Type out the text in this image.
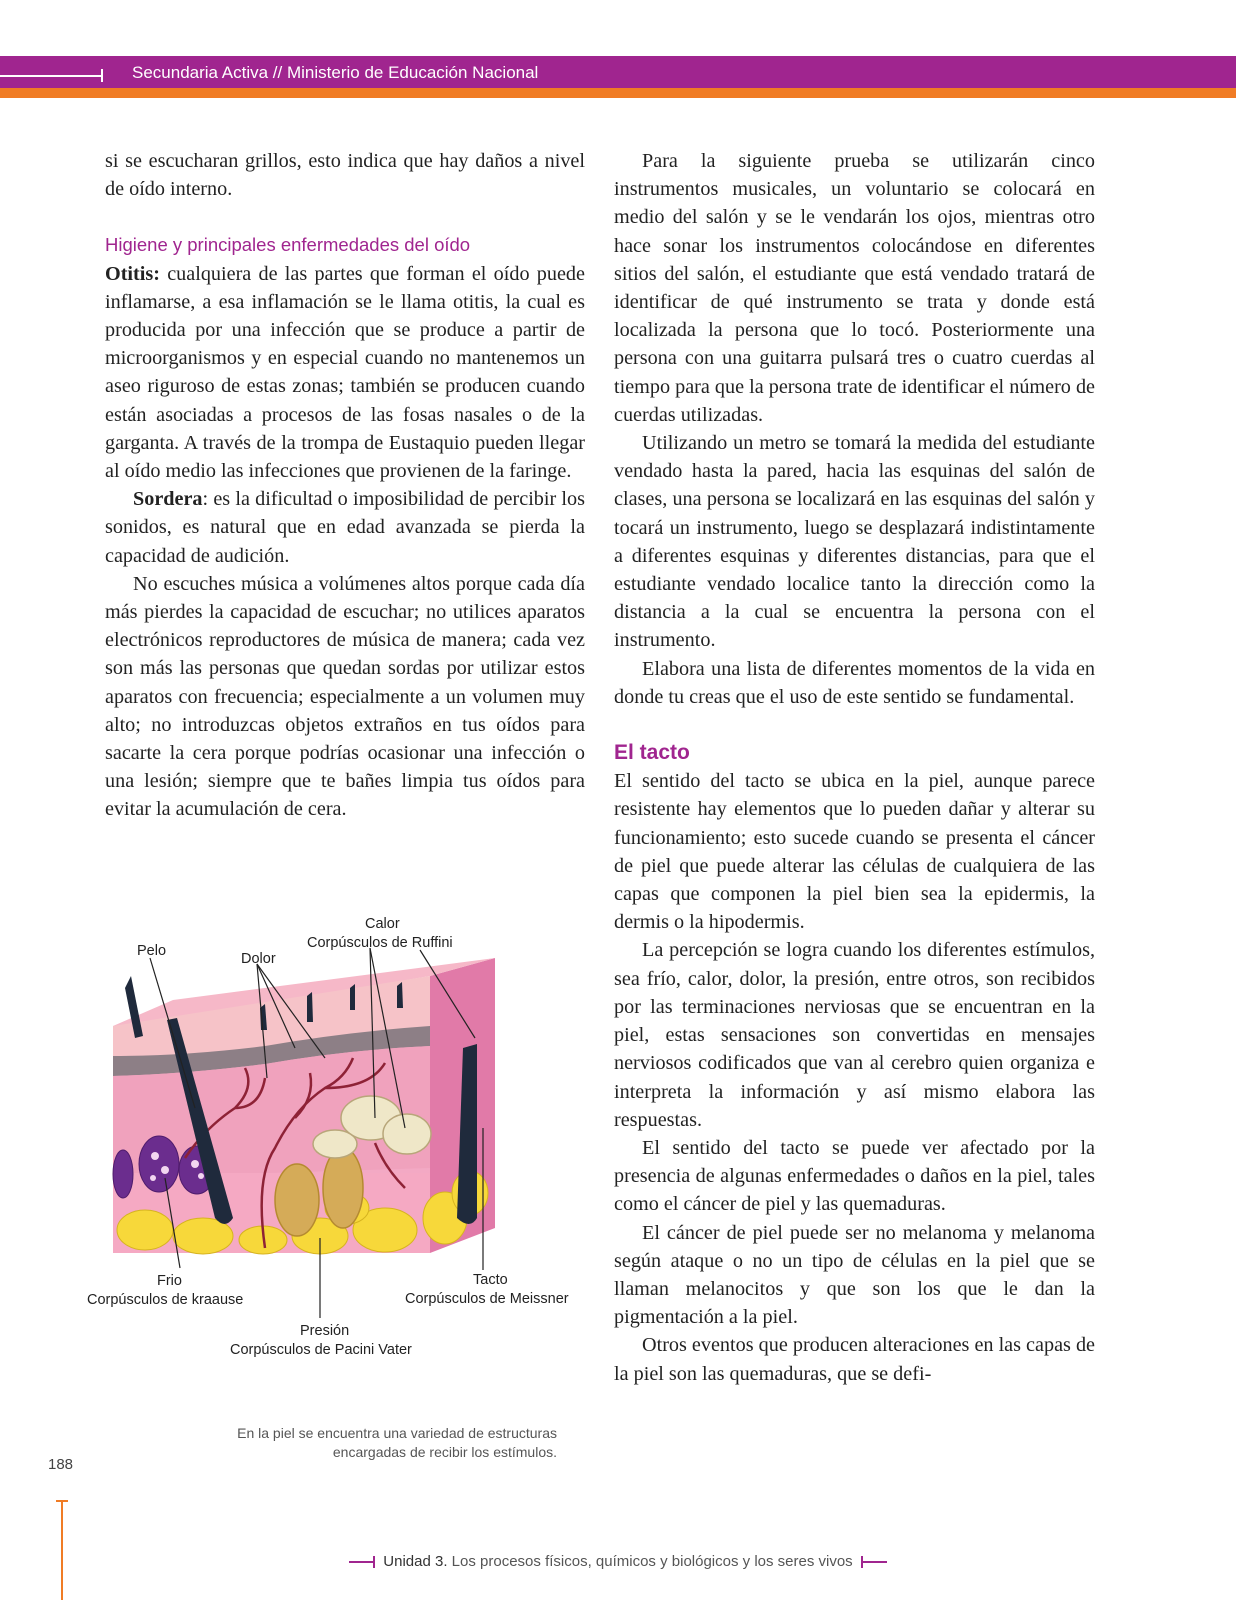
Secundaria Activa // Ministerio de Educación Nacional

si se escucharan grillos, esto indica que hay daños a nivel de oído interno.

Higiene y principales enfermedades del oído

Otitis: cualquiera de las partes que forman el oído puede inflamarse, a esa inflamación se le llama otitis, la cual es producida por una infección que se produce a partir de microorganismos y en especial cuando no mantenemos un aseo riguroso de estas zonas; también se producen cuando están asociadas a procesos de las fosas nasales o de la garganta. A través de la trompa de Eustaquio pueden llegar al oído medio las infecciones que provienen de la faringe.

Sordera: es la dificultad o imposibilidad de percibir los sonidos, es natural que en edad avanzada se pierda la capacidad de audición.

No escuches música a volúmenes altos porque cada día más pierdes la capacidad de escuchar; no utilices aparatos electrónicos reproductores de música de manera; cada vez son más las personas que quedan sordas por utilizar estos aparatos con frecuencia; especialmente a un volumen muy alto; no introduzcas objetos extraños en tus oídos para sacarte la cera porque podrías ocasionar una infección o una lesión; siempre que te bañes limpia tus oídos para evitar la acumulación de cera.

Pelo	Dolor
Calor
Corpúsculos de Ruffini
Frio
Corpúsculos de kraause
Tacto
Corpúsculos de Meissner
Presión
Corpúsculos de Pacini Vater
En la piel se encuentra una variedad de estructuras
encargadas de recibir los estímulos.

Para la siguiente prueba se utilizarán cinco instrumentos musicales, un voluntario se colocará en medio del salón y se le vendarán los ojos, mientras otro hace sonar los instrumentos colocándose en diferentes sitios del salón, el estudiante que está vendado tratará de identificar de qué instrumento se trata y donde está localizada la persona que lo tocó. Posteriormente una persona con una guitarra pulsará tres o cuatro cuerdas al tiempo para que la persona trate de identificar el número de cuerdas utilizadas.

Utilizando un metro se tomará la medida del estudiante vendado hasta la pared, hacia las esquinas del salón de clases, una persona se localizará en las esquinas del salón y tocará un instrumento, luego se desplazará indistintamente a diferentes esquinas y diferentes distancias, para que el estudiante vendado localice tanto la dirección como la distancia a la cual se encuentra la persona con el instrumento.

Elabora una lista de diferentes momentos de la vida en donde tu creas que el uso de este sentido se fundamental.

El tacto

El sentido del tacto se ubica en la piel, aunque parece resistente hay elementos que lo pueden dañar y alterar su funcionamiento; esto sucede cuando se presenta el cáncer de piel que puede alterar las células de cualquiera de las capas que componen la piel bien sea la epidermis, la dermis o la hipodermis.

La percepción se logra cuando los diferentes estímulos, sea frío, calor, dolor, la presión, entre otros, son recibidos por las terminaciones nerviosas que se encuentran en la piel, estas sensaciones son convertidas en mensajes nerviosos codificados que van al cerebro quien organiza e interpreta la información y así mismo elabora las respuestas.

El sentido del tacto se puede ver afectado por la presencia de algunas enfermedades o daños en la piel, tales como el cáncer de piel y las quemaduras.

El cáncer de piel puede ser no melanoma y melanoma según ataque o no un tipo de células en la piel que se llaman melanocitos y que son los que le dan la pigmentación a la piel.

Otros eventos que producen alteraciones en las capas de la piel son las quemaduras, que se defi-

188
Unidad 3. Los procesos físicos, químicos y biológicos y los seres vivos
